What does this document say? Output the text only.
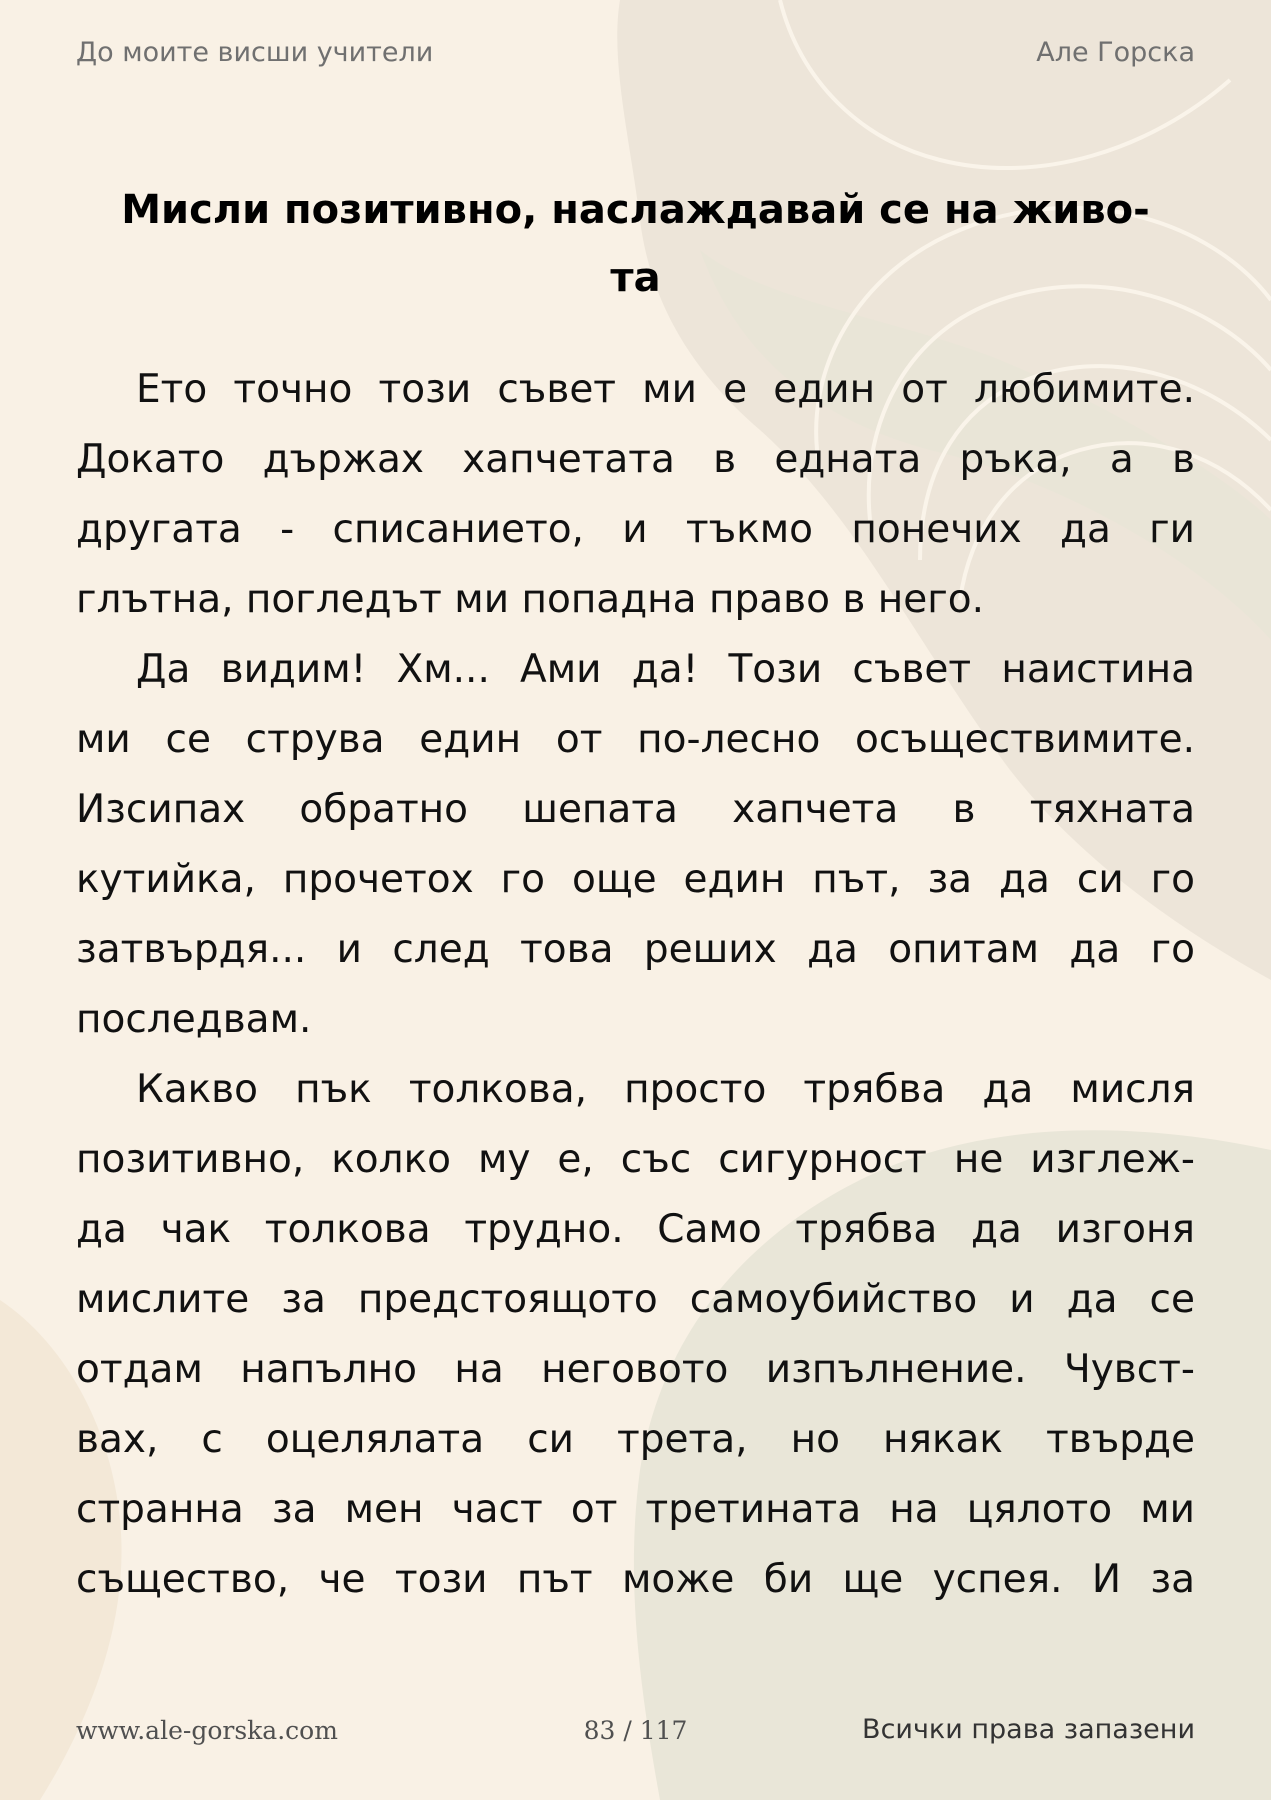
До моите висши учители	Але Горска
Мисли позитивно, наслаждавай се на живо-
та
Ето точно този съвет ми е един от любимите.
Докато държах хапчетата в едната ръка, а в
другата - списанието, и тъкмо понечих да ги
глътна, погледът ми попадна право в него.
Да видим! Хм... Ами да! Този съвет наистина
ми се струва един от по-лесно осъществимите.
Изсипах обратно шепата хапчета в тяхната
кутийка, прочетох го още един път, за да си го
затвърдя... и след това реших да опитам да го
последвам.
Какво пък толкова, просто трябва да мисля
позитивно, колко му е, със сигурност не изглеж-
да чак толкова трудно. Само трябва да изгоня
мислите за предстоящото самоубийство и да се
отдам напълно на неговото изпълнение. Чувст-
вах, с оцелялата си трета, но някак твърде
странна за мен част от третината на цялото ми
същество, че този път може би ще успея. И за
www.ale-gorska.com	83 / 117	Всички права запазени
